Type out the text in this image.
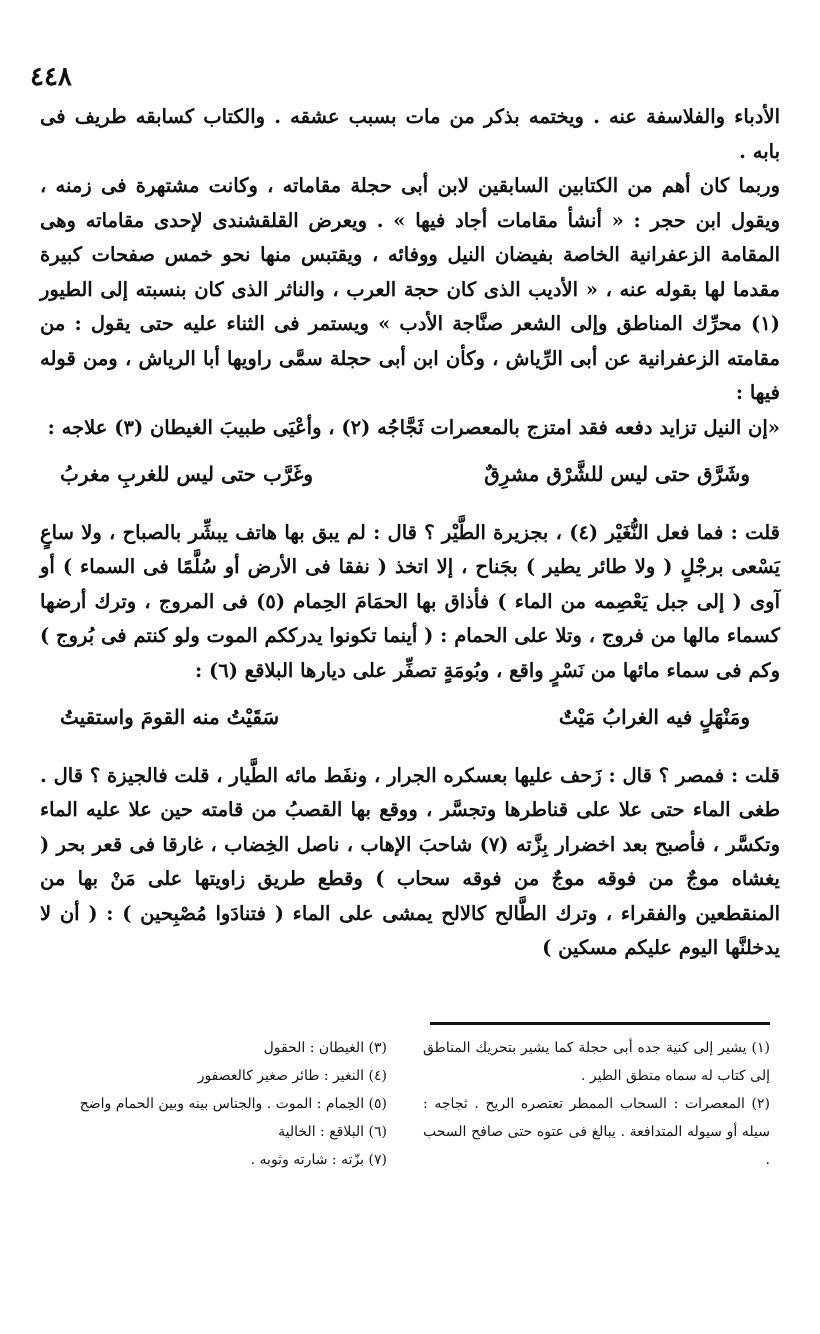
٤٤٨

الأدباء والفلاسفة عنه . ويختمه بذكر من مات بسبب عشقه . والكتاب كسابقه طريف فى بابه .

وربما كان أهم من الكتابين السابقين لابن أبى حجلة مقاماته ، وكانت مشتهرة فى زمنه ، ويقول ابن حجر : « أنشأ مقامات أجاد فيها » . ويعرض القلقشندى لإحدى مقاماته وهى المقامة الزعفرانية الخاصة بفيضان النيل ووفائه ، ويقتبس منها نحو خمس صفحات كبيرة مقدما لها بقوله عنه ، « الأديب الذى كان حجة العرب ، والناثر الذى كان بنسبته إلى الطيور (١) محرِّك المناطق وإلى الشعر صنَّاجة الأدب » ويستمر فى الثناء عليه حتى يقول : من مقامته الزعفرانية عن أبى الرِّياش ، وكأن ابن أبى حجلة سمَّى راويها أبا الرياش ، ومن قوله فيها :

«إن النيل تزايد دفعه فقد امتزج بالمعصرات ثَجَّاجُه (٢) ، وأعْيَى طبيبَ الغيطان (٣) علاجه :

وشَرَّق حتى ليس للشَّرْق مشرِقٌ
وغَرَّب حتى ليس للغربِ مغربُ

قلت : فما فعل النُّغَيْر (٤) ، بجزيرة الطَّيْر ؟ قال : لم يبق بها هاتف يبشِّر بالصباح ، ولا ساعٍ يَسْعى برجْلٍ ( ولا طائر يطير ) بجَناح ، إلا اتخذ ( نفقا فى الأرض أو سُلَّمًا فى السماء ) أو آوى ( إلى جبل يَعْصِمه من الماء ) فأذاق بها الحمَامَ الحِمام (٥) فى المروج ، وترك أرضها كسماء مالها من فروج ، وتلا على الحمام : ( أينما تكونوا يدرككم الموت ولو كنتم فى بُروج ) وكم فى سماء مائها من نَسْرٍ واقع ، وبُومَةٍ تصفِّر على ديارها البلاقع (٦) :

ومَنْهَلٍ فيه الغرابُ مَيْتٌ
سَقَيْتُ منه القومَ واستقيتُ

قلت : فمصر ؟ قال : زَحف عليها بعسكره الجرار ، ونفَط مائه الطَّيار ، قلت فالجيزة ؟ قال . طغى الماء حتى علا على قناطرها وتجسَّر ، ووقع بها القصبُ من قامته حين علا عليه الماء وتكسَّر ، فأصبح بعد اخضرار بِزَّته (٧) شاحبَ الإهاب ، ناصل الخِضاب ، غارقا فى قعر بحر ( يغشاه موجٌ من فوقه موجٌ من فوقه سحاب ) وقطع طريق زاويتها على مَنْ بها من المنقطعين والفقراء ، وترك الطَّالح كالالح يمشى على الماء ( فتنادَوا مُصْبِحين ) : ( أن لا يدخلنَّها اليوم عليكم مسكين )

(١) يشير إلى كنية جده أبى حجلة كما يشير بتحريك المناطق إلى كتاب له سماه منطق الطير .

(٢) المعصرات : السحاب الممطر تعتصره الريح . ثجاجه : سيله أو سيوله المتدافعة . يبالغ فى عتوه حتى صافح السحب .

(٣) الغيطان : الحقول

(٤) النغير : طائر صغير كالعصفور

(٥) الحِمام : الموت . والجناس بينه وبين الحمام واضح

(٦) البلاقع : الخالية

(٧) بزّته : شارته وثوبه .
